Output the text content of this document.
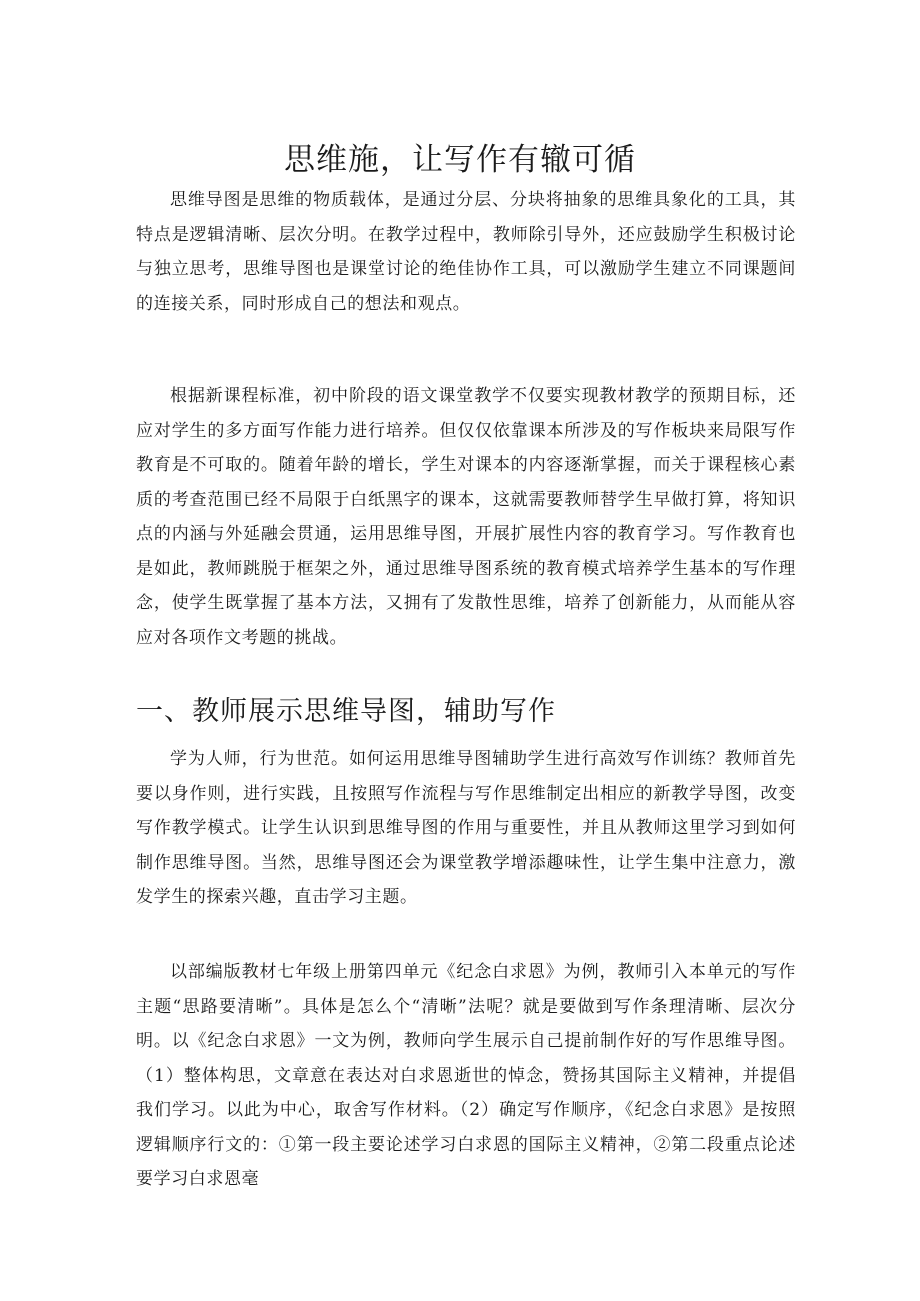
思维施，让写作有辙可循

思维导图是思维的物质载体，是通过分层、分块将抽象的思维具象化的工具，其特点是逻辑清晰、层次分明。在教学过程中，教师除引导外，还应鼓励学生积极讨论与独立思考，思维导图也是课堂讨论的绝佳协作工具，可以激励学生建立不同课题间的连接关系，同时形成自己的想法和观点。

根据新课程标准，初中阶段的语文课堂教学不仅要实现教材教学的预期目标，还应对学生的多方面写作能力进行培养。但仅仅依靠课本所涉及的写作板块来局限写作教育是不可取的。随着年龄的增长，学生对课本的内容逐渐掌握，而关于课程核心素质的考查范围已经不局限于白纸黑字的课本，这就需要教师替学生早做打算，将知识点的内涵与外延融会贯通，运用思维导图，开展扩展性内容的教育学习。写作教育也是如此，教师跳脱于框架之外，通过思维导图系统的教育模式培养学生基本的写作理念，使学生既掌握了基本方法，又拥有了发散性思维，培养了创新能力，从而能从容应对各项作文考题的挑战。

一、教师展示思维导图，辅助写作

学为人师，行为世范。如何运用思维导图辅助学生进行高效写作训练？教师首先要以身作则，进行实践，且按照写作流程与写作思维制定出相应的新教学导图，改变写作教学模式。让学生认识到思维导图的作用与重要性，并且从教师这里学习到如何制作思维导图。当然，思维导图还会为课堂教学增添趣味性，让学生集中注意力，激发学生的探索兴趣，直击学习主题。

以部编版教材七年级上册第四单元《纪念白求恩》为例，教师引入本单元的写作主题“思路要清晰”。具体是怎么个“清晰”法呢？就是要做到写作条理清晰、层次分明。以《纪念白求恩》一文为例，教师向学生展示自己提前制作好的写作思维导图。（1）整体构思，文章意在表达对白求恩逝世的悼念，赞扬其国际主义精神，并提倡我们学习。以此为中心，取舍写作材料。（2）确定写作顺序，《纪念白求恩》是按照逻辑顺序行文的：①第一段主要论述学习白求恩的国际主义精神，②第二段重点论述要学习白求恩毫
